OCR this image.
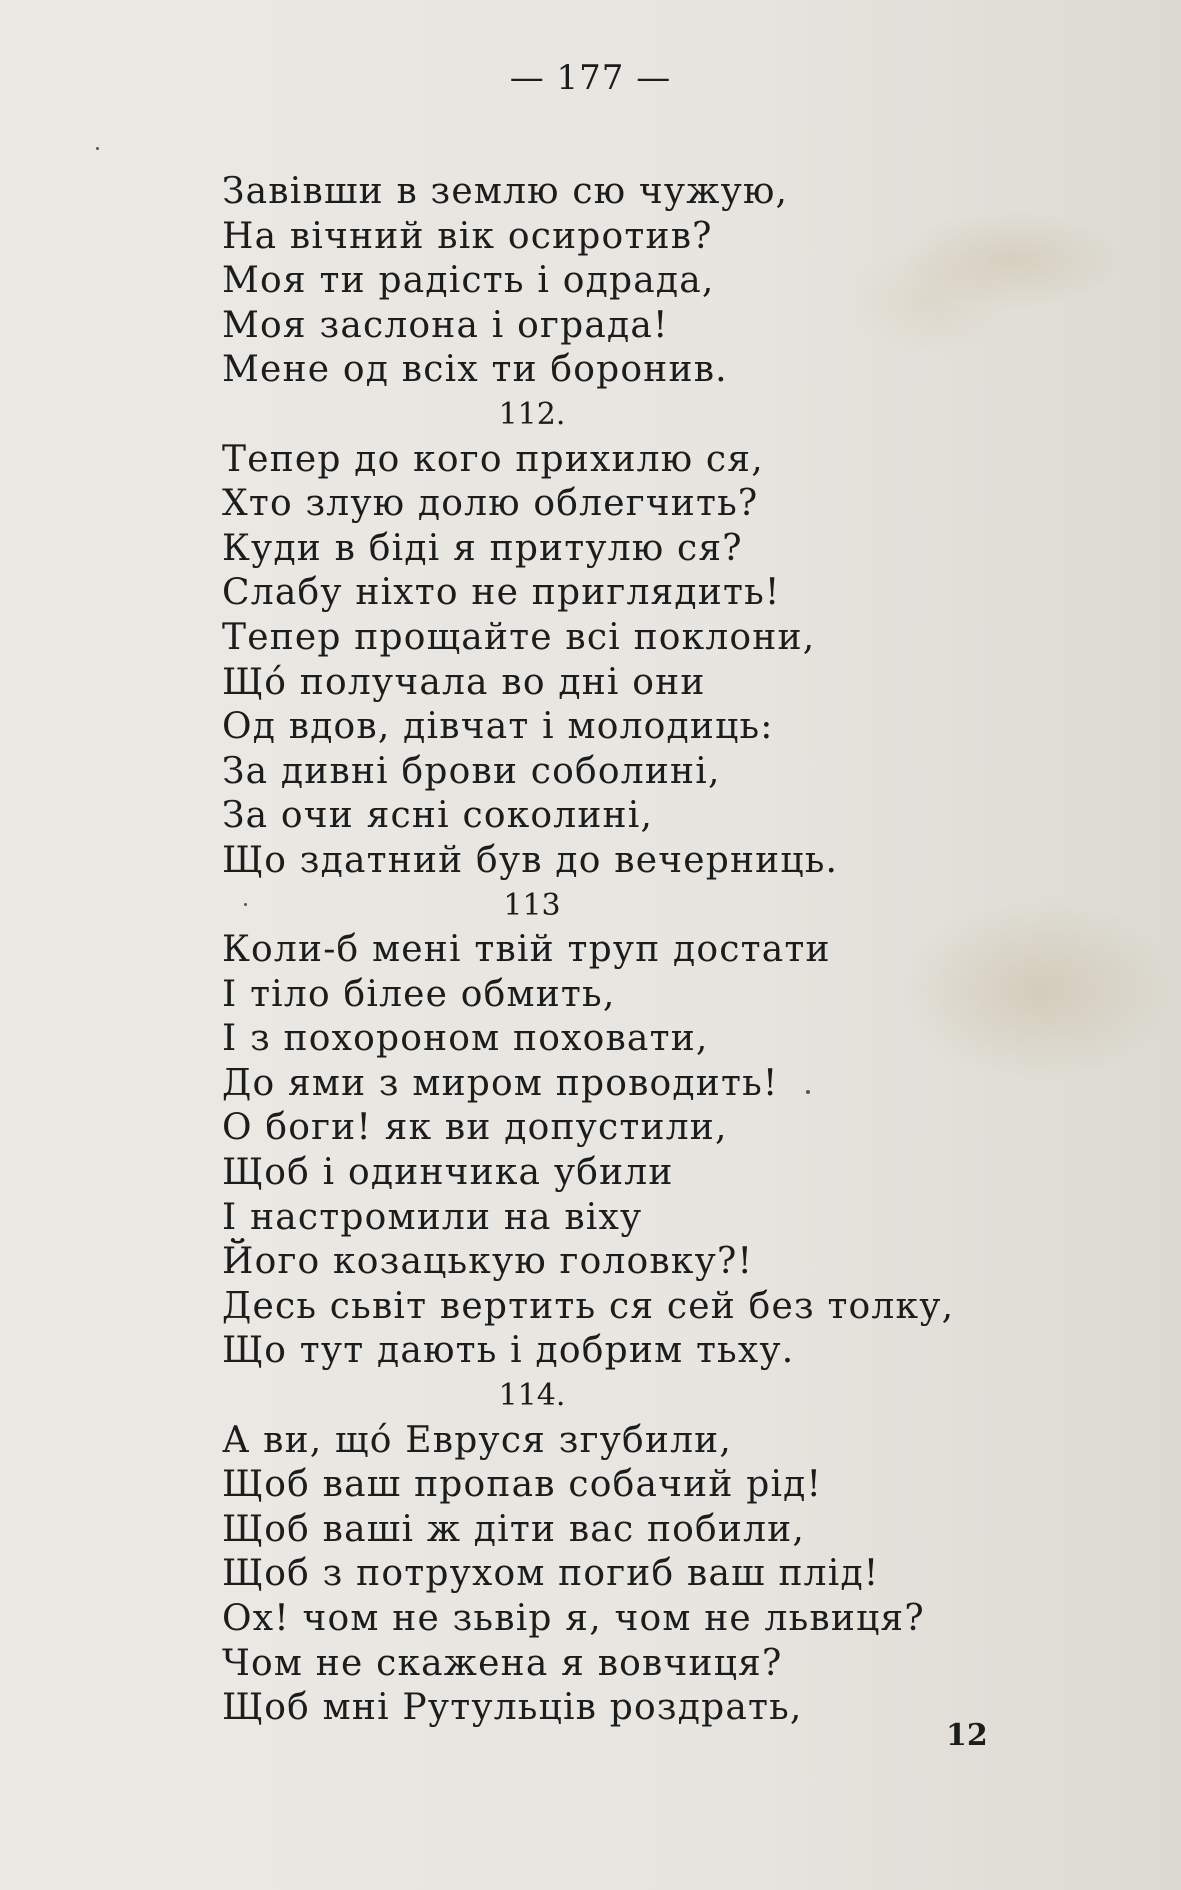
— 177 —
Завівши в землю сю чужую,
На вічний вік осиротив?
Моя ти радість і одрада,
Моя заслона і ограда!
Мене од всіх ти боронив.
112.
Тепер до кого прихилю ся,
Хто злую долю облегчить?
Куди в біді я притулю ся?
Слабу ніхто не приглядить!
Тепер прощайте всі поклони,
Щó получала во дні они
Од вдов, дівчат і молодиць:
За дивні брови соболині,
За очи ясні соколині,
Що здатний був до вечерниць.
113
Коли-б мені твій труп достати
І тіло білее обмить,
І з похороном поховати,
До ями з миром проводить!
О боги! як ви допустили,
Щоб і одинчика убили
І настромили на віху
Його козацькую головку?!
Десь сьвіт вертить ся сей без толку,
Що тут дають і добрим тьху.
114.
А ви, щó Евруся згубили,
Щоб ваш пропав собачий рід!
Щоб ваші ж діти вас побили,
Щоб з потрухом погиб ваш плід!
Ох! чом не зьвір я, чом не львиця?
Чом не скажена я вовчиця?
Щоб мні Рутульців роздрать,
12
